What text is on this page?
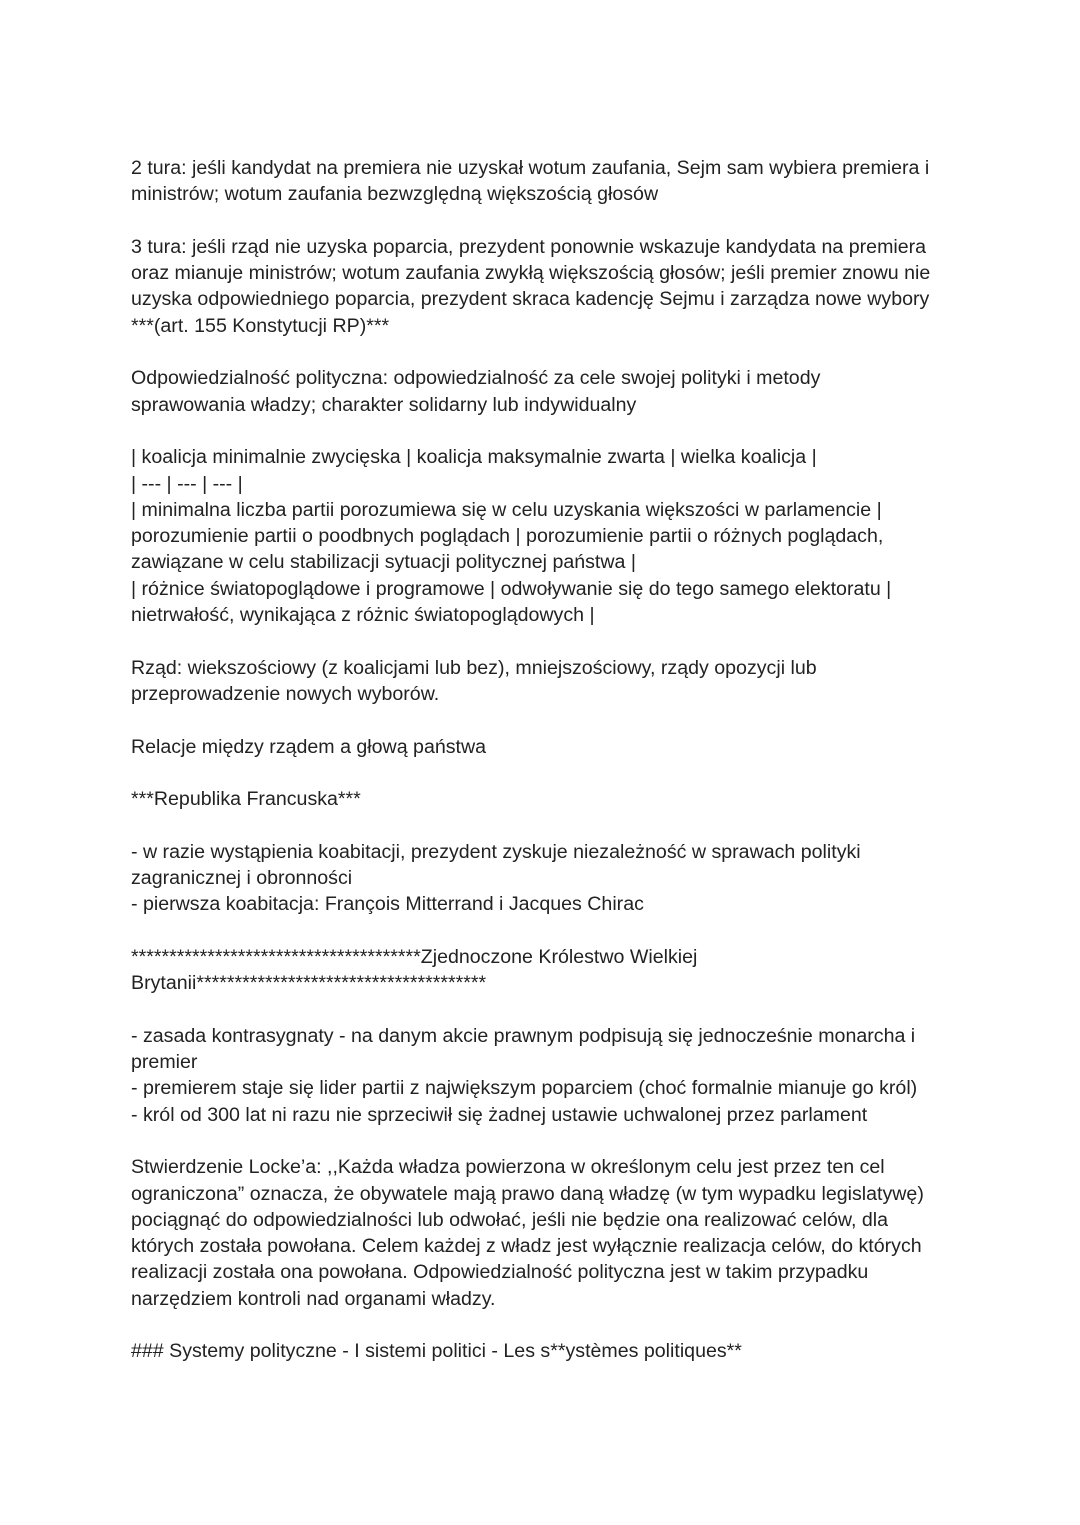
2 tura: jeśli kandydat na premiera nie uzyskał wotum zaufania, Sejm sam wybiera premiera i
ministrów; wotum zaufania bezwzględną większością głosów

3 tura: jeśli rząd nie uzyska poparcia, prezydent ponownie wskazuje kandydata na premiera
oraz mianuje ministrów; wotum zaufania zwykłą większością głosów; jeśli premier znowu nie
uzyska odpowiedniego poparcia, prezydent skraca kadencję Sejmu i zarządza nowe wybory
***(art. 155 Konstytucji RP)***

Odpowiedzialność polityczna: odpowiedzialność za cele swojej polityki i metody
sprawowania władzy; charakter solidarny lub indywidualny

| koalicja minimalnie zwycięska | koalicja maksymalnie zwarta | wielka koalicja |
| --- | --- | --- |
| minimalna liczba partii porozumiewa się w celu uzyskania większości w parlamencie |
porozumienie partii o poodbnych poglądach | porozumienie partii o różnych poglądach,
zawiązane w celu stabilizacji sytuacji politycznej państwa |
| różnice światopoglądowe i programowe | odwoływanie się do tego samego elektoratu |
nietrwałość, wynikająca z różnic światopoglądowych |

Rząd: wiekszościowy (z koalicjami lub bez), mniejszościowy, rządy opozycji lub
przeprowadzenie nowych wyborów.

Relacje między rządem a głową państwa

***Republika Francuska***

- w razie wystąpienia koabitacji, prezydent zyskuje niezależność w sprawach polityki
zagranicznej i obronności
- pierwsza koabitacja: François Mitterrand i Jacques Chirac

**************************************Zjednoczone Królestwo Wielkiej
Brytanii**************************************

- zasada kontrasygnaty - na danym akcie prawnym podpisują się jednocześnie monarcha i
premier
- premierem staje się lider partii z największym poparciem (choć formalnie mianuje go król)
- król od 300 lat ni razu nie sprzeciwił się żadnej ustawie uchwalonej przez parlament

Stwierdzenie Locke’a: ,,Każda władza powierzona w określonym celu jest przez ten cel
ograniczona” oznacza, że obywatele mają prawo daną władzę (w tym wypadku legislatywę)
pociągnąć do odpowiedzialności lub odwołać, jeśli nie będzie ona realizować celów, dla
których została powołana. Celem każdej z władz jest wyłącznie realizacja celów, do których
realizacji została ona powołana. Odpowiedzialność polityczna jest w takim przypadku
narzędziem kontroli nad organami władzy.

### Systemy polityczne - I sistemi politici - Les s**ystèmes politiques**
